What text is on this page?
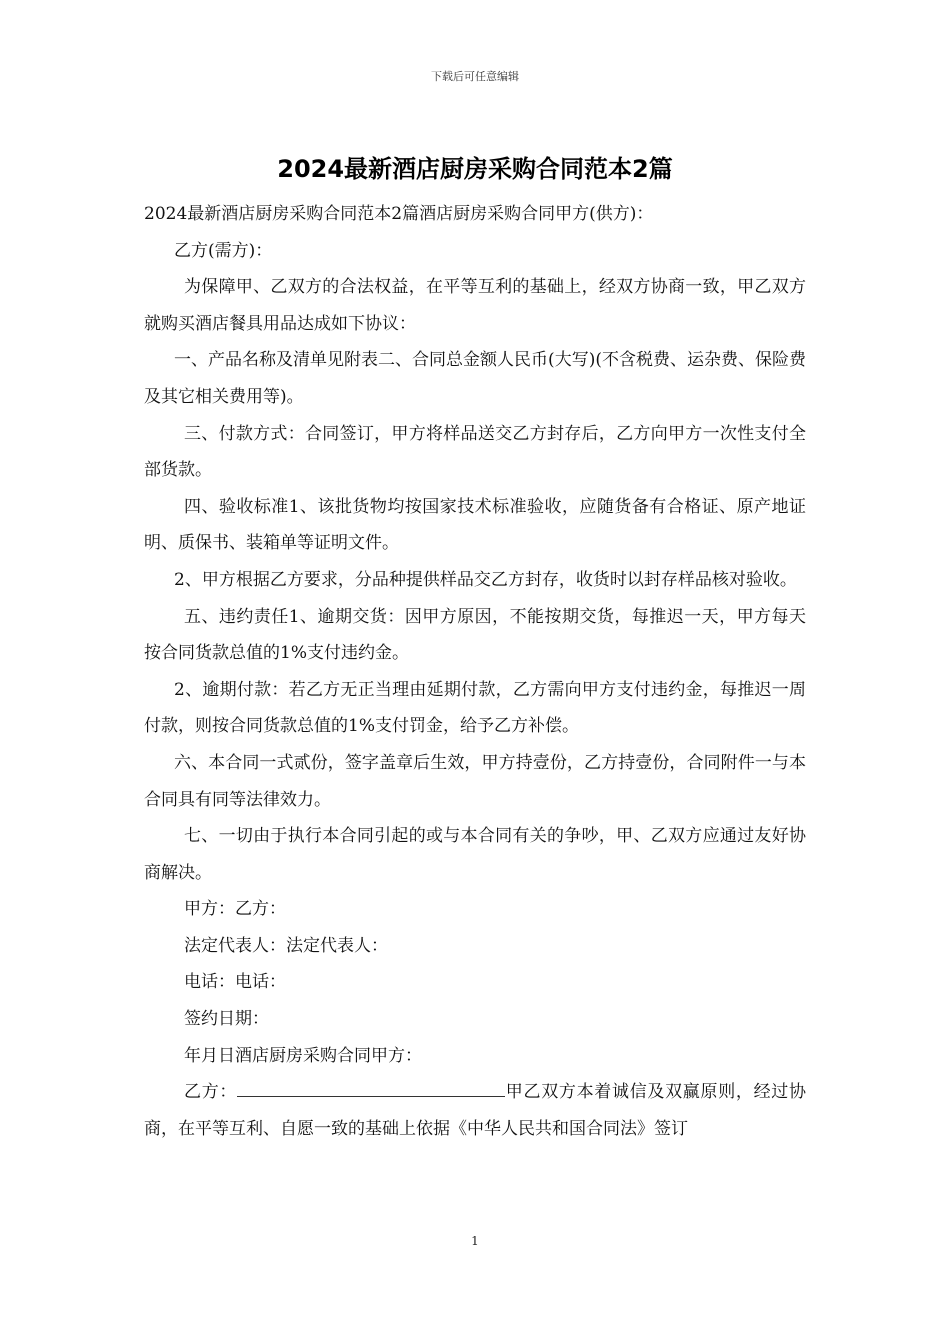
下载后可任意编辑
2024最新酒店厨房采购合同范本2篇

2024最新酒店厨房采购合同范本2篇酒店厨房采购合同甲方(供方)：

乙方(需方)：

为保障甲、乙双方的合法权益，在平等互利的基础上，经双方协商一致，甲乙双方就购买酒店餐具用品达成如下协议：

一、产品名称及清单见附表二、合同总金额人民币(大写)(不含税费、运杂费、保险费及其它相关费用等)。

三、付款方式：合同签订，甲方将样品送交乙方封存后，乙方向甲方一次性支付全部货款。

四、验收标准1、该批货物均按国家技术标准验收，应随货备有合格证、原产地证明、质保书、装箱单等证明文件。

2、甲方根据乙方要求，分品种提供样品交乙方封存，收货时以封存样品核对验收。

五、违约责任1、逾期交货：因甲方原因，不能按期交货，每推迟一天，甲方每天按合同货款总值的1%支付违约金。

2、逾期付款：若乙方无正当理由延期付款，乙方需向甲方支付违约金，每推迟一周付款，则按合同货款总值的1%支付罚金，给予乙方补偿。

六、本合同一式贰份，签字盖章后生效，甲方持壹份，乙方持壹份，合同附件一与本合同具有同等法律效力。

七、一切由于执行本合同引起的或与本合同有关的争吵，甲、乙双方应通过友好协商解决。

甲方：乙方：

法定代表人：法定代表人：

电话：电话：

签约日期：

年月日酒店厨房采购合同甲方：

乙方：	甲乙双方本着诚信及双赢原则，经过协商，在平等互利、自愿一致的基础上依据《中华人民共和国合同法》签订

1
